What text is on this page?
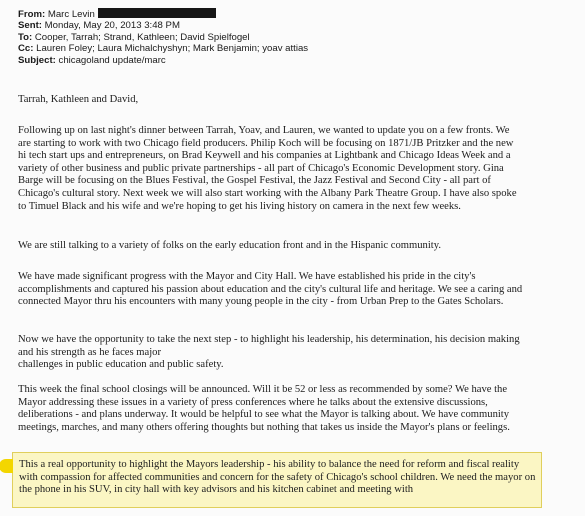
From: Marc Levin
Sent: Monday, May 20, 2013 3:48 PM
To: Cooper, Tarrah; Strand, Kathleen; David Spielfogel
Cc: Lauren Foley; Laura Michalchyshyn; Mark Benjamin; yoav attias
Subject: chicagoland update/marc

Tarrah, Kathleen and David,

Following up on last night's dinner between Tarrah, Yoav, and Lauren, we wanted to update you on a few fronts. We are starting to work with two Chicago field producers. Philip Koch will be focusing on 1871/JB Pritzker and the new hi tech start ups and entrepreneurs, on Brad Keywell and his companies at Lightbank and Chicago Ideas Week and a variety of other business and public private partnerships - all part of Chicago's Economic Development story. Gina Barge will be focusing on the Blues Festival, the Gospel Festival, the Jazz Festival and Second City - all part of Chicago's cultural story. Next week we will also start working with the Albany Park Theatre Group. I have also spoke to Timuel Black and his wife and we're hoping to get his living history on camera in the next few weeks.

We are still talking to a variety of folks on the early education front and in the Hispanic community.

We have made significant progress with the Mayor and City Hall. We have established his pride in the city's accomplishments and captured his passion about education and the city's cultural life and heritage. We see a caring and connected Mayor thru his encounters with many young people in the city - from Urban Prep to the Gates Scholars.

Now we have the opportunity to take the next step - to highlight his leadership, his determination, his decision making and his strength as he faces major
challenges in public education and public safety.

This week the final school closings will be announced. Will it be 52 or less as recommended by some? We have the Mayor addressing these issues in a variety of press conferences where he talks about the extensive discussions, deliberations - and plans underway. It would be helpful to see what the Mayor is talking about. We have community meetings, marches, and many others offering thoughts but nothing that takes us inside the Mayor's plans or feelings.

This a real opportunity to highlight the Mayors leadership - his ability to balance the need for reform and fiscal reality with compassion for affected communities and concern for the safety of Chicago's school children. We need the mayor on the phone in his SUV, in city hall with key advisors and his kitchen cabinet and meeting with
